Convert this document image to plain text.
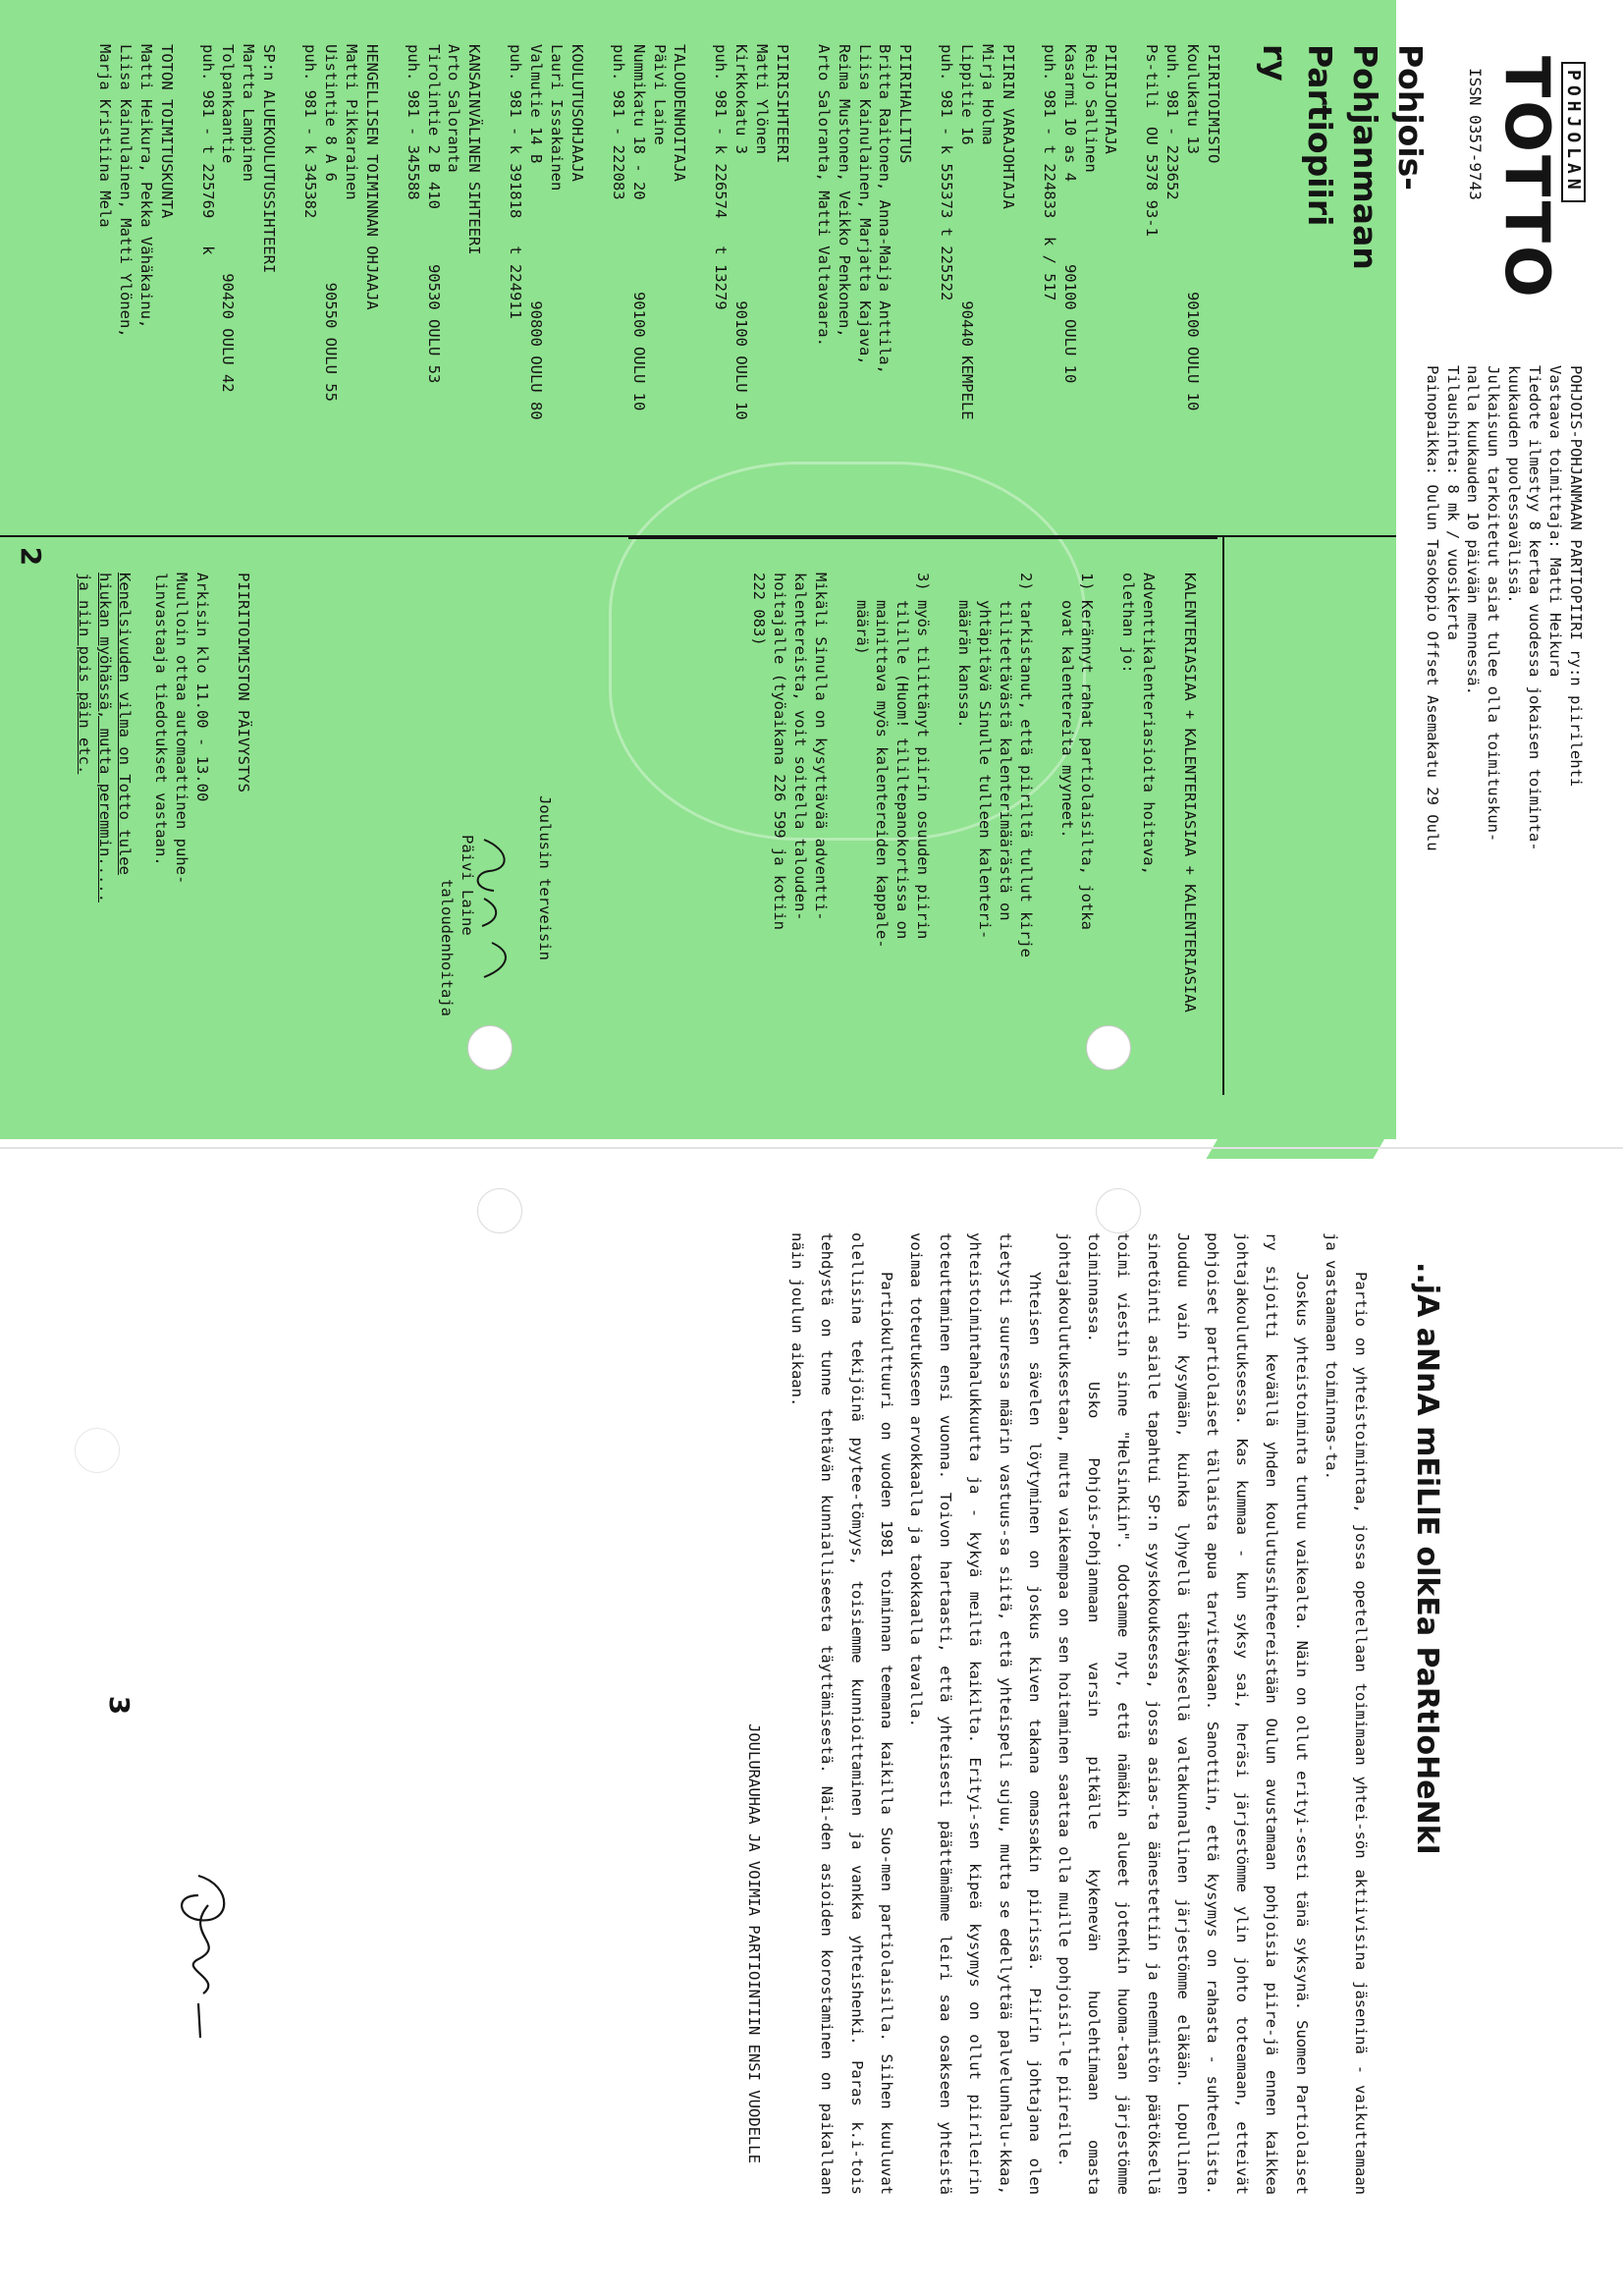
POHJOLAN
TOTTO
ISSN 0357-9743
Pohjois-Pohjanmaan
Partiopiiri ry
POHJOIS-POHJANMAAN PARTIOPIIRI ry:n piirilehti
Vastaava toimittaja: Matti Heikura
Tiedote ilmestyy 8 kertaa vuodessa jokaisen toiminta-
kuukauden puolessavälissä.
Julkaisuun tarkoitetut asiat tulee olla toimituskun-
nalla kuukauden 10 päivään mennessä.
Tilaushinta: 8 mk / vuosikerta
Painopaikka: Oulun Tasokopio Offset Asemakatu 29 Oulu
PIIRITOIMISTO
Koulukatu 13               90100 OULU 10
puh. 981 - 223652
Ps-tili  OU 5378 93-1

PIIRIJOHTAJA
Reijo Sallinen
Kasarmi 10 as 4         90100 OULU 10
puh. 981 - t 224833  k / 517

PIIRIN VARAJOHTAJA
Mirja Holma
Lippitie 16                 90440 KEMPELE
puh. 981 - k 555373 t 225522

PIIRIHALLITUS
Britta Raitonen, Anna-Maija Anttila,
Liisa Kainulainen, Marjatta Kajava,
Reima Mustonen, Veikko Penkonen,
Arto Saloranta, Matti Valtavaara.

PIIRISIHTEERI
Matti Ylönen
Kirkkokatu 3                90100 OULU 10
puh. 981 - k 226574   t 13279

TALOUDENHOITAJA
Päivi Laine
Nummikatu 18 - 20          90100 OULU 10
puh. 981 - 222083

KOULUTUSOHJAAJA
Lauri Issakainen
Valmutie 14 B               90800 OULU 80
puh. 981 - k 391818   t 224911

KANSAINVÄLINEN SIHTEERI
Arto Saloranta
Tirolintie 2 B 410      90530 OULU 53
puh. 981 - 345588

HENGELLISEN TOIMINNAN OHJAAJA
Matti Pikkarainen
Uistintie 8 A 6           90550 OULU 55
puh. 981 - k 345382

SP:n ALUEKOULUTUSSIHTEERI
Martta Lampinen
Tolpankaantie            90420 OULU 42
puh. 981 - t 225769   k

TOTON TOIMITUSKUNTA
Matti Heikura, Pekka Vähäkainu,
Liisa Kainulainen, Matti Ylönen,
Marja Kristiina Mela
KALENTERIASIAA + KALENTERIASIAA + KALENTERIASIAA
Adventtikalenteriasioita hoitava,
olethan jo:

1) Kerännyt rahat partiolaisilta, jotka
ovat kalentereita myyneet.

2) tarkistanut, että piiriltä tullut kirje
tilitettävästä kalenterimäärästä on
yhtäpitävä Sinulle tulleen kalenteri-
määrän kanssa.

3) myös tilittänyt piirin osuuden piirin
tilille (Huom! tililtepanokortissa on
mainittava myös kalentereiden kappale-
määrä)

Mikäli Sinulla on kysyttävää adventti-
kalentereista, voit soitella talouden-
hoitajalle (työaikana 226 599 ja kotiin
222 083)
Joulusin terveisin
Päivi Laine
taloudenhoitaja
PIIRITOIMISTON PÄIVYSTYS

Arkisin klo 11.00 - 13.00
Muulloin ottaa automaattinen puhe-
linvastaaja tiedotukset vastaan.
Kenelsivuden vilma on Totto tulee
hiukan myöhässä, mutta peremmin.....
ja niin pois päin etc.
2
..jA aNnA mEiLlE olkEa PaRtIoHeNkI

Partio on yhteistoimintaa, jossa opetellaan toimimaan yhtei-sön aktiivisina jäseninä - vaikuttamaan ja vastaamaan toiminnas-ta.

Joskus yhteistoiminta tuntuu vaikealta. Näin on ollut erityi-sesti tänä syksynä. Suomen Partiolaiset ry sijoitti keväällä yhden koulutussihteereistään Oulun avustamaan pohjoisia piire-jä ennen kaikkea johtajakoulutuksessa. Kas kummaa - kun syksy sai, heräsi järjestömme ylin johto toteamaan, etteivät pohjoiset partiolaiset tällaista apua tarvitsekaan. Sanottiin, että kysymys on rahasta - suhteellista. Jouduu vain kysymään, kuinka lyhyellä tähtäyksellä valtakunnallinen järjestömme eläkään. Lopullinen sinetöinti asialle tapahtui SP:n syyskokouksessa, jossa asias-ta äänestettiin ja enemmistön päätöksellä toimi viestin sinne "Helsinkiin". Odotamme nyt, että nämäkin alueet jotenkin huoma-taan järjestömme toiminnassa. Usko Pohjois-Pohjanmaan varsin pitkälle kykenevän huolehtimaan omasta johtajakoulutuksestaan, mutta vaikeampaa on sen hoitaminen saattaa olla muille pohjoisil-le piireille.

Yhteisen sävelen löytyminen on joskus kiven takana omassakin piirissä. Piirin johtajana olen tietysti suuressa määrin vastuus-sa siitä, että yhteispeli sujuu, mutta se edellyttää palvelunhalu-kkaa, yhteistoimintahalukkuutta ja - kykyä meiltä kaikilta. Erityi-sen kipeä kysymys on ollut piirileirin toteuttaminen ensi vuonna. Toivon hartaasti, että yhteisesti päättämämme leiri saa osakseen yhteistä voimaa toteutukseen arvokkaalla ja taokkaalla tavalla.

Partiokulttuuri on vuoden 1981 toiminnan teemana kaikilla Suo-men partiolaisilla. Siihen kuuluvat olellisina tekijöinä pyytee-tömyys, toisiemme kunnioittaminen ja vankka yhteishenki. Paras k.i-tois tehdystä on tunne tehtävän kunnialliseesta täyttämisestä. Näi-den asioiden korostaminen on paikallaan näin joulun aikaan.

JOULURAUHAA JA VOIMIA PARTIOINTIIN ENSI VUODELLE
3
